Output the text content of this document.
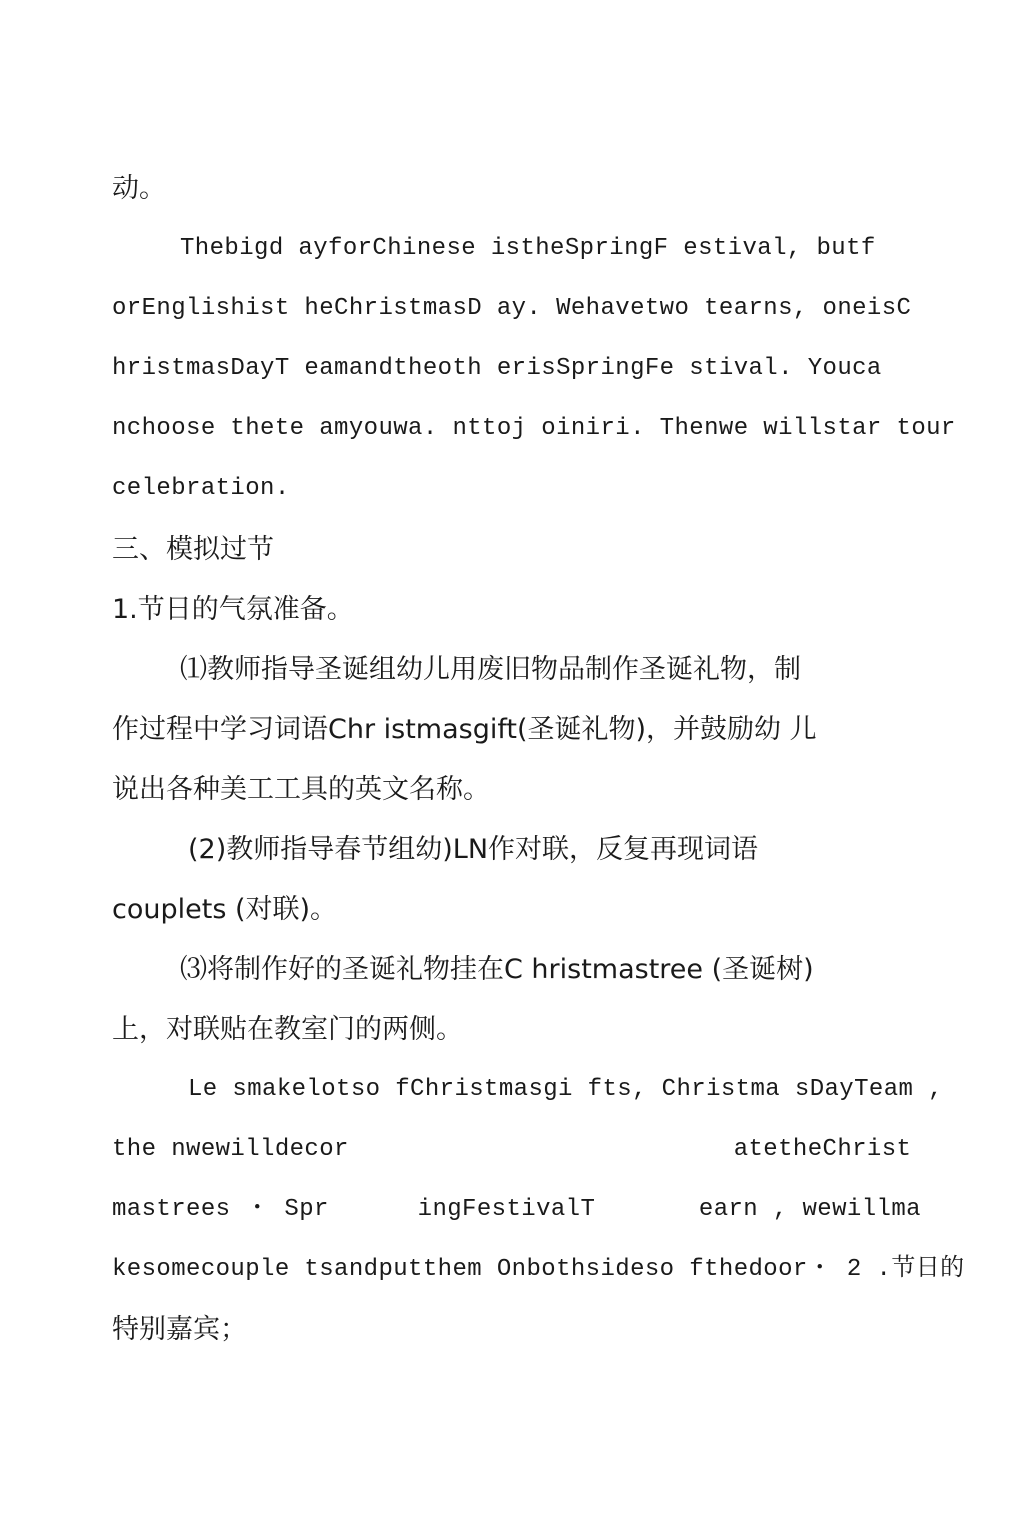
动。
Thebigd ayforChinese istheSpringF estival, butf
orEnglishist heChristmasD ay. Wehavetwo tearns, oneisC
hristmasDayT eamandtheoth erisSpringFe stival. Youca
nchoose thete amyouwa. nttoj oiniri. Thenwe willstar tour
celebration.
三、模拟过节
1.节日的气氛准备。
⑴教师指导圣诞组幼儿用废旧物品制作圣诞礼物，制
作过程中学习词语Chr istmasgift(圣诞礼物)，并鼓励幼 儿
说出各种美工工具的英文名称。
(2)教师指导春节组幼)LN作对联，反复再现词语
couplets (对联)。
⑶将制作好的圣诞礼物挂在C hristmastree (圣诞树)
上，对联贴在教室门的两侧。
Le smakelotso fChristmasgi fts, Christma sDayTeam ,
the nwewilldecor                          atetheChrist
mastrees ・ Spr      ingFestivalT       earn , wewillma
kesomecouple tsandputthem Onbothsideso fthedoor・ 2 .节日的
特别嘉宾；
